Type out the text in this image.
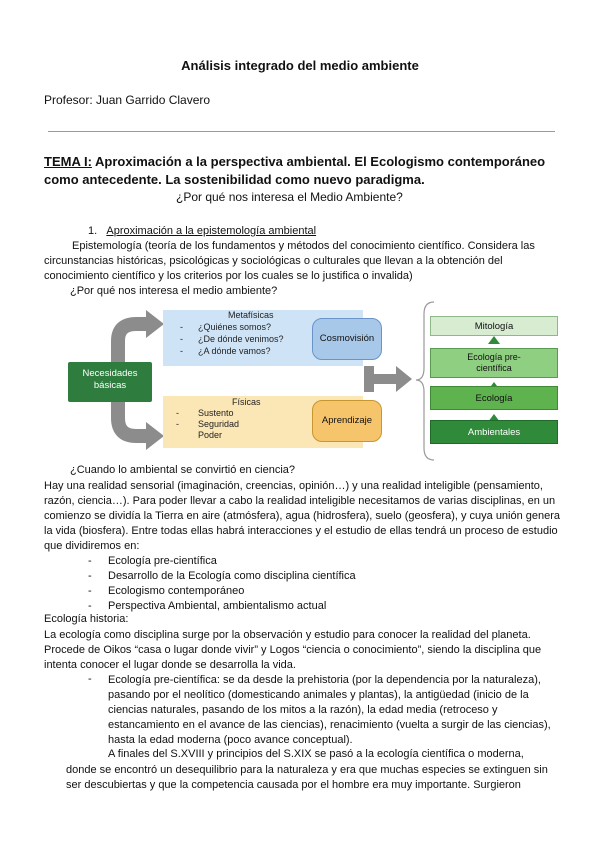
Análisis integrado del medio ambiente
Profesor: Juan Garrido Clavero
TEMA I: Aproximación a la perspectiva ambiental. El Ecologismo contemporáneo como antecedente. La sostenibilidad como nuevo paradigma.
¿Por qué nos interesa el Medio Ambiente?
1. Aproximación a la epistemología ambiental
Epistemología (teoría de los fundamentos y métodos del conocimiento científico. Considera las circunstancias históricas, psicológicas y sociológicas o culturales que llevan a la obtención del conocimiento científico y los criterios por los cuales se lo justifica o invalida)
¿Por qué nos interesa el medio ambiente?
Necesidades básicas
Metafísicas
- ¿Quiénes somos?
- ¿De dónde venimos?
- ¿A dónde vamos?
Cosmovisión
Físicas
- Sustento
- Seguridad
Poder
Aprendizaje
Mitología
Ecología pre-científica
Ecología
Ambientales
¿Cuando lo ambiental se convirtió en ciencia?
Hay una realidad sensorial (imaginación, creencias, opinión…) y una realidad inteligible (pensamiento, razón, ciencia…). Para poder llevar a cabo la realidad inteligible necesitamos de varias disciplinas, en un comienzo se dividía la Tierra en aire (atmósfera), agua (hidrosfera), suelo (geosfera), y cuya unión genera la vida (biosfera). Entre todas ellas habrá interacciones y el estudio de ellas tendrá un proceso de estudio que dividiremos en:
- Ecología pre-científica
- Desarrollo de la Ecología como disciplina científica
- Ecologismo contemporáneo
- Perspectiva Ambiental, ambientalismo actual
Ecología historia:
La ecología como disciplina surge por la observación y estudio para conocer la realidad del planeta. Procede de Oikos “casa o lugar donde vivir” y Logos “ciencia o conocimiento”, siendo la disciplina que intenta conocer el lugar donde se desarrolla la vida.
- Ecología pre-científica: se da desde la prehistoria (por la dependencia por la naturaleza), pasando por el neolítico (domesticando animales y plantas), la antigüedad (inicio de la ciencias naturales, pasando de los mitos a la razón), la edad media (retroceso y estancamiento en el avance de las ciencias), renacimiento (vuelta a surgir de las ciencias), hasta la edad moderna (poco avance conceptual).
A finales del S.XVIII y principios del S.XIX se pasó a la ecología científica o moderna,
donde se encontró un desequilibrio para la naturaleza y era que muchas especies se extinguen sin ser descubiertas y que la competencia causada por el hombre era muy importante. Surgieron
